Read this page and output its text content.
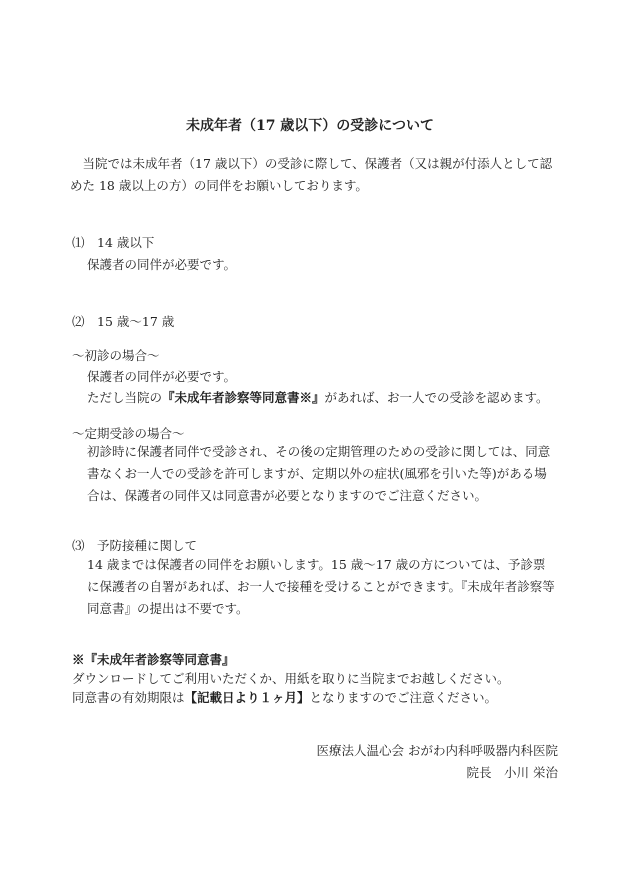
未成年者（17 歳以下）の受診について
当院では未成年者（17 歳以下）の受診に際して、保護者（又は親が付添人として認めた 18 歳以上の方）の同伴をお願いしております。
⑴　14 歳以下
保護者の同伴が必要です。
⑵　15 歳～17 歳
～初診の場合～
保護者の同伴が必要です。
ただし当院の『未成年者診察等同意書※』があれば、お一人での受診を認めます。
～定期受診の場合～
初診時に保護者同伴で受診され、その後の定期管理のための受診に関しては、同意書なくお一人での受診を許可しますが、定期以外の症状(風邪を引いた等)がある場合は、保護者の同伴又は同意書が必要となりますのでご注意ください。
⑶　予防接種に関して
14 歳までは保護者の同伴をお願いします。15 歳～17 歳の方については、予診票に保護者の自署があれば、お一人で接種を受けることができます。『未成年者診察等同意書』の提出は不要です。
※『未成年者診察等同意書』
ダウンロードしてご利用いただくか、用紙を取りに当院までお越しください。
同意書の有効期限は【記載日より１ヶ月】となりますのでご注意ください。
医療法人温心会 おがわ内科呼吸器内科医院
院長　小川 栄治
